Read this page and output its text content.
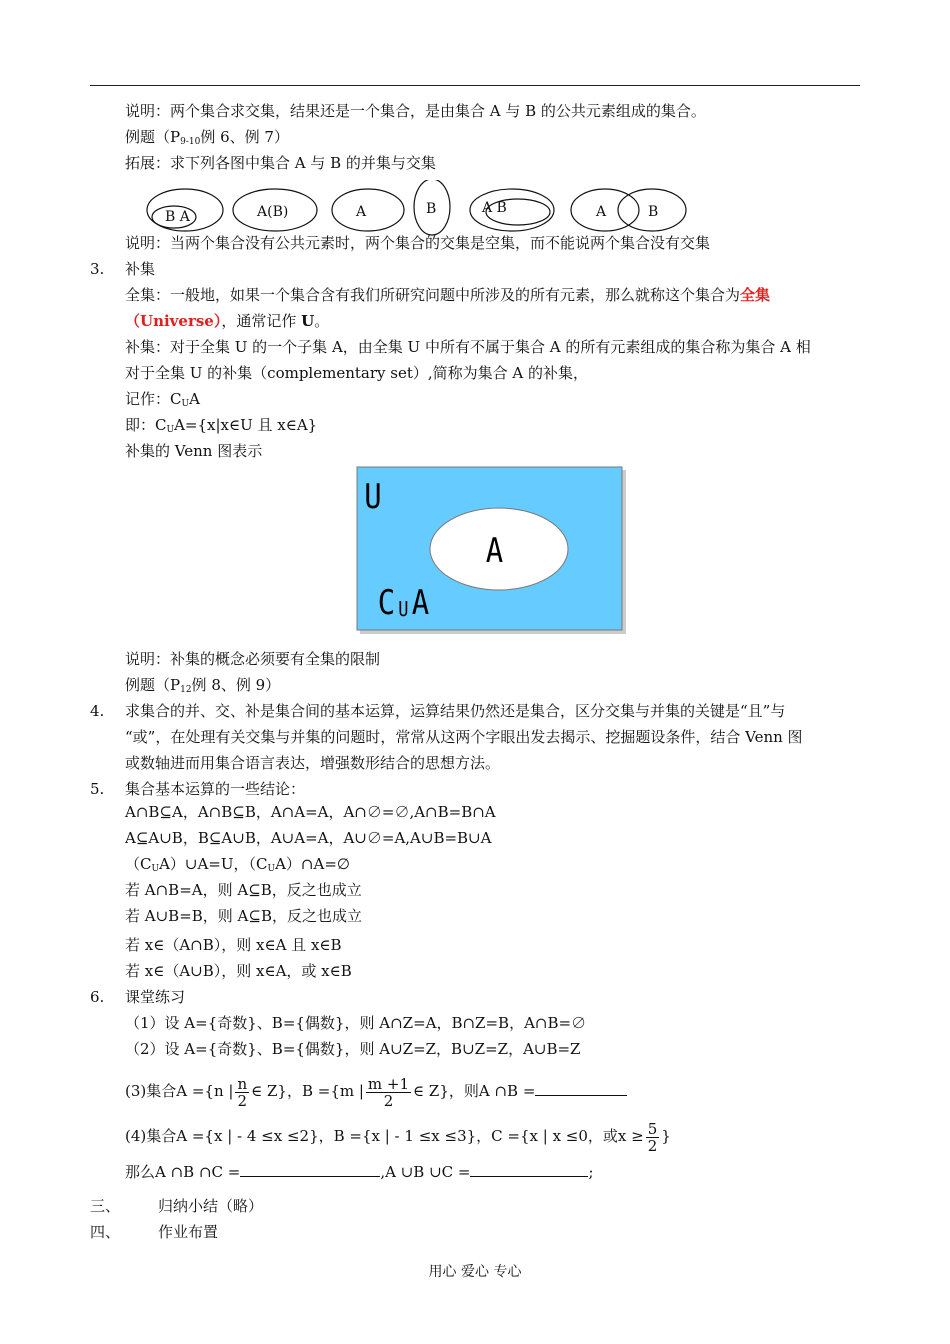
说明：两个集合求交集，结果还是一个集合，是由集合 A 与 B 的公共元素组成的集合。
例题（$P_{9-10}$例 6、例 7）
拓展：求下列各图中集合 A 与 B 的并集与交集
B A	A(B)	A	B	A B	A	B
说明：当两个集合没有公共元素时，两个集合的交集是空集，而不能说两个集合没有交集
3. 补集
全集：一般地，如果一个集合含有我们所研究问题中所涉及的所有元素，那么就称这个集合为全集
（Universe），通常记作 U。
补集：对于全集 U 的一个子集 A，由全集 U 中所有不属于集合 A 的所有元素组成的集合称为集合 A 相
对于全集 U 的补集（complementary set）,简称为集合 A 的补集，
记作：$C_UA$
即：$C_UA=\{x|x\in U$ 且 x∈A}
补集的 Venn 图表示
U
A
C U A
说明：补集的概念必须要有全集的限制
例题（$P_{12}$例 8、例 9）
4. 求集合的并、交、补是集合间的基本运算，运算结果仍然还是集合，区分交集与并集的关键是“且”与
“或”，在处理有关交集与并集的问题时，常常从这两个字眼出发去揭示、挖掘题设条件，结合 Venn 图
或数轴进而用集合语言表达，增强数形结合的思想方法。
5. 集合基本运算的一些结论：
A∩B⊆A，A∩B⊆B，A∩A=A，A∩∅=∅,A∩B=B∩A
A⊆A∪B，B⊆A∪B，A∪A=A，A∪∅=A,A∪B=B∪A
$(C_UA)\cup A=U$，$(C_UA)\cap A=\emptyset$
若 A∩B=A，则 A⊆B，反之也成立
若 A∪B=B，则 A⊆B，反之也成立
若 x∈（A∩B），则 x∈A 且 x∈B
若 x∈（A∪B），则 x∈A，或 x∈B
6. 课堂练习
（1）设 A={奇数}、B={偶数}，则 A∩Z=A，B∩Z=B，A∩B=∅
（2）设 A={奇数}、B={偶数}，则 A∪Z=Z，B∪Z=Z，A∪B=Z
(3)集合A ={n | $\frac{n}{2}$ ∈ Z}，B ={m | $\frac{m +1}{2}$ ∈ Z}，则A ∩B =
(4)集合A ={x | - 4 ≤x ≤2}，B ={x | - 1 ≤x ≤3}，C ={x | x ≤0，或$x \ge \frac{5}{2}$ }
那么A ∩B ∩C =	,A ∪B ∪C =	;
三、	归纳小结（略）
四、	作业布置
用心 爱心 专心
